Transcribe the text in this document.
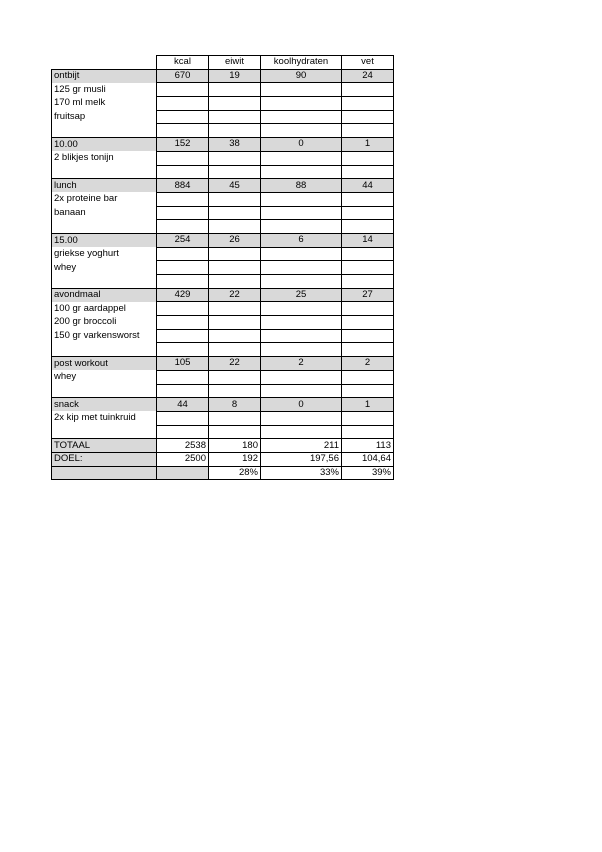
	kcal	eiwit	koolhydraten	vet
ontbijt	670	19	90	24
125 gr musli				
170 ml melk				
fruitsap				

10.00	152	38	0	1
2 blikjes tonijn				

lunch	884	45	88	44
2x proteine bar				
banaan				

15.00	254	26	6	14
griekse yoghurt				
whey				

avondmaal	429	22	25	27
100 gr aardappel				
200 gr broccoli				
150 gr varkensworst				

post workout	105	22	2	2
whey				

snack	44	8	0	1
2x kip met tuinkruid				

TOTAAL	2538	180	211	113
DOEL:	2500	192	197,56	104,64
		28%	33%	39%
